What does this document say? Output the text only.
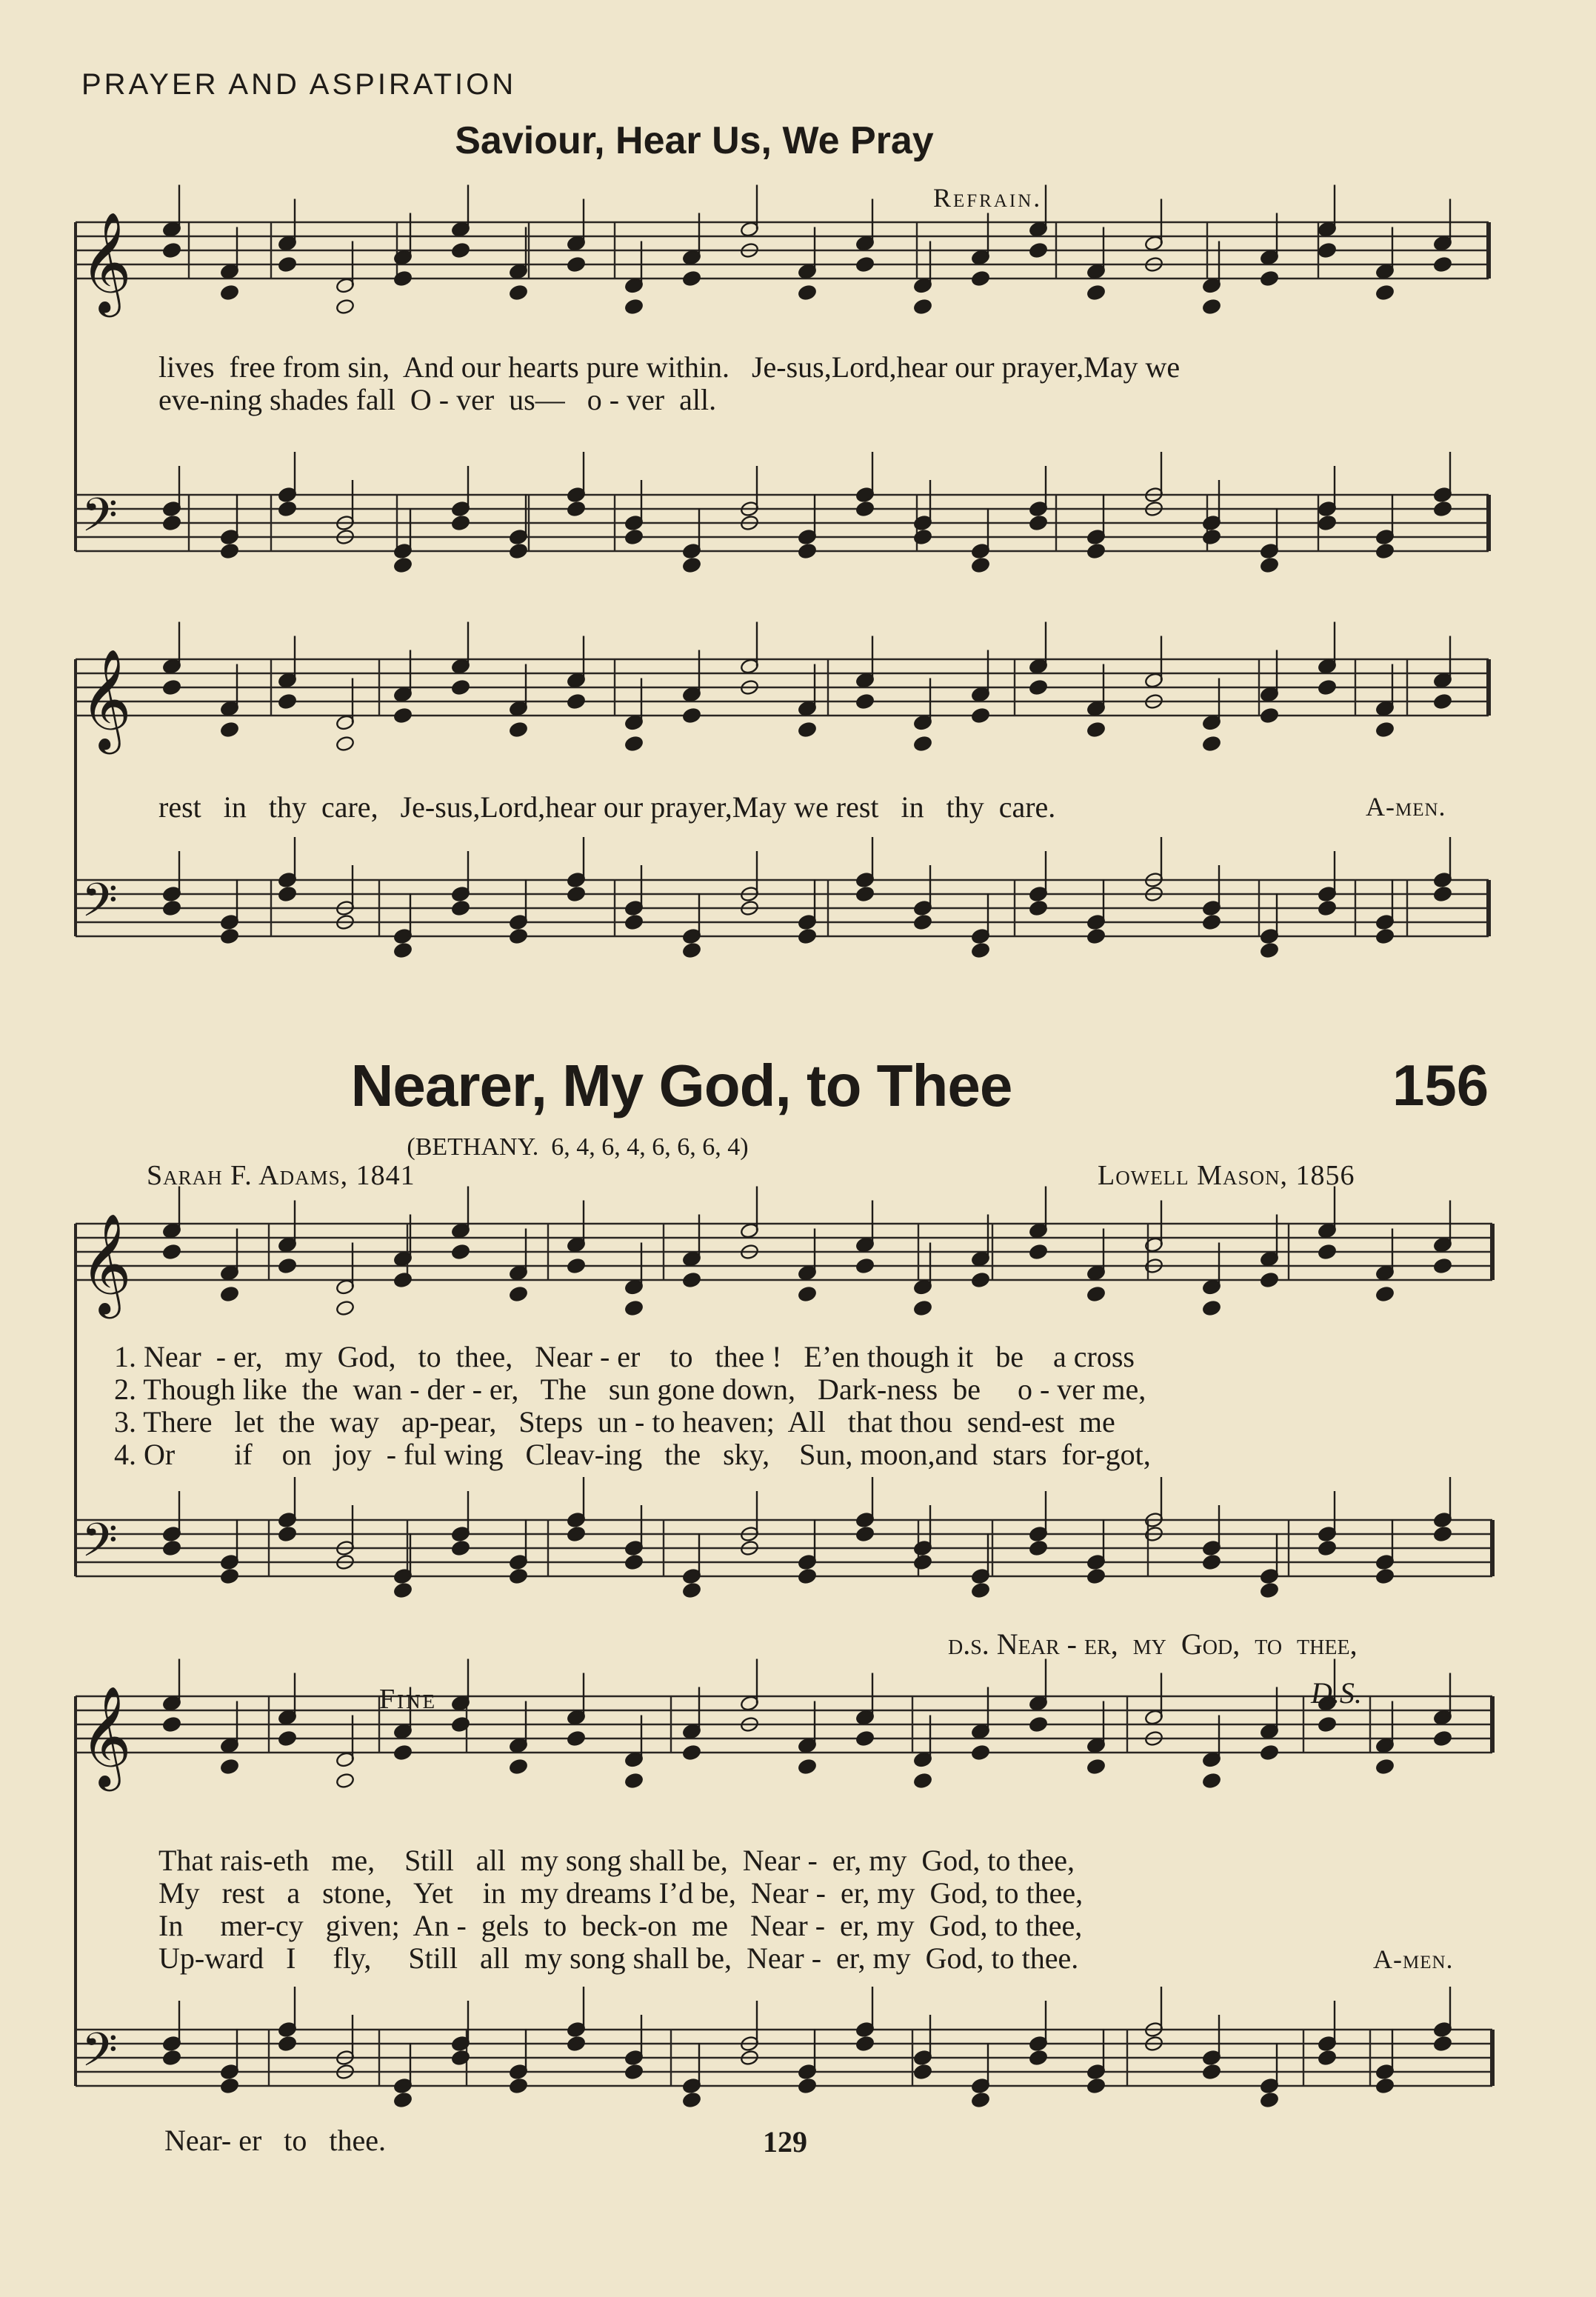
𝄞
𝄢
𝄞
𝄢
𝄞
𝄢
𝄞
𝄢
PRAYER AND ASPIRATION
Saviour, Hear Us, We Pray
Refrain.
lives  free from sin,  And our hearts pure within.   Je-sus,Lord,hear our prayer,May we
eve-ning shades fall  O - ver  us—   o - ver  all.
rest   in   thy  care,   Je-sus,Lord,hear our prayer,May we rest   in   thy  care.	A-men.
Nearer, My God, to Thee	156
(BETHANY.  6, 4, 6, 4, 6, 6, 6, 4)
Sarah F. Adams, 1841	Lowell Mason, 1856
1. Near  - er,   my  God,   to  thee,   Near - er    to   thee !   E’en though it   be    a cross
2. Though like  the  wan - der - er,   The   sun gone down,   Dark-ness  be     o - ver me,
3. There   let  the  way   ap-pear,   Steps  un - to heaven;  All   that thou  send-est  me
4. Or        if    on   joy  - ful wing   Cleav-ing   the   sky,    Sun, moon,and  stars  for-got,
d.s. Near - er,  my  God,  to  thee,
Fine	D.S.
That rais-eth   me,    Still   all  my song shall be,  Near -  er, my  God, to thee,
My   rest   a   stone,   Yet    in  my dreams I’d be,  Near -  er, my  God, to thee,
In     mer-cy   given;  An -  gels  to  beck-on  me   Near -  er, my  God, to thee,
Up-ward   I     fly,     Still   all  my song shall be,  Near -  er, my  God, to thee.	A-men.
Near- er   to   thee.	129
